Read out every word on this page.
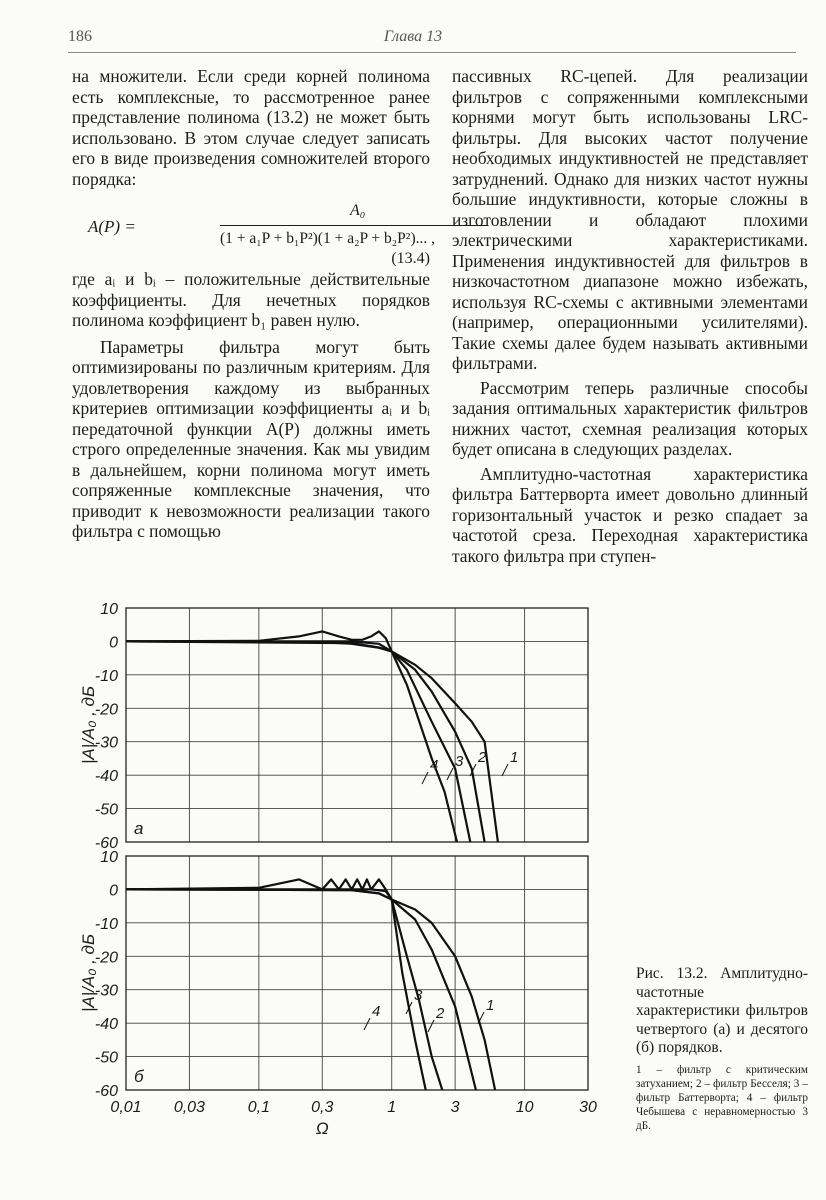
186	Глава 13

на множители. Если среди корней полинома есть комплексные, то рассмотренное ранее представление полинома (13.2) не может быть использовано. В этом случае следует записать его в виде произведения сомножителей второго порядка:

A(P) =
A₀
(1 + a₁P + b₁P²)(1 + a₂P + b₂P²)... ,
(13.4)

где aᵢ и bᵢ – положительные действительные коэффициенты. Для нечетных порядков полинома коэффициент b₁ равен нулю.

Параметры фильтра могут быть оптимизированы по различным критериям. Для удовлетворения каждому из выбранных критериев оптимизации коэффициенты aᵢ и bᵢ передаточной функции A(P) должны иметь строго определенные значения. Как мы увидим в дальнейшем, корни полинома могут иметь сопряженные комплексные значения, что приводит к невозможности реализации такого фильтра с помощью

пассивных RC-цепей. Для реализации фильтров с сопряженными комплексными корнями могут быть использованы LRC-фильтры. Для высоких частот получение необходимых индуктивностей не представляет затруднений. Однако для низких частот нужны большие индуктивности, которые сложны в изготовлении и обладают плохими электрическими характеристиками. Применения индуктивностей для фильтров в низкочастотном диапазоне можно избежать, используя RC-схемы с активными элементами (например, операционными усилителями). Такие схемы далее будем называть активными фильтрами.

Рассмотрим теперь различные способы задания оптимальных характеристик фильтров нижних частот, схемная реализация которых будет описана в следующих разделах.

Амплитудно-частотная характеристика фильтра Баттерворта имеет довольно длинный горизонтальный участок и резко спадает за частотой среза. Переходная характеристика такого фильтра при ступен-

10
0
-10
-20
-30
-40
-50
-60
|A|/A₀ , дБ
а
1
2
3
4
10
0
-10
-20
-30
-40
-50
-60
|A|/A₀ , дБ
б
1
2
3
4
0,01 0,03	0,1	0,3	1	3	10	30
Ω
Рис. 13.2. Амплитудно-частотные характеристики фильтров четвертого (а) и десятого (б) порядков.
1 – фильтр с критическим затуханием; 2 – фильтр Бесселя; 3 – фильтр Баттерворта; 4 – фильтр Чебышева с неравномерностью 3 дБ.
